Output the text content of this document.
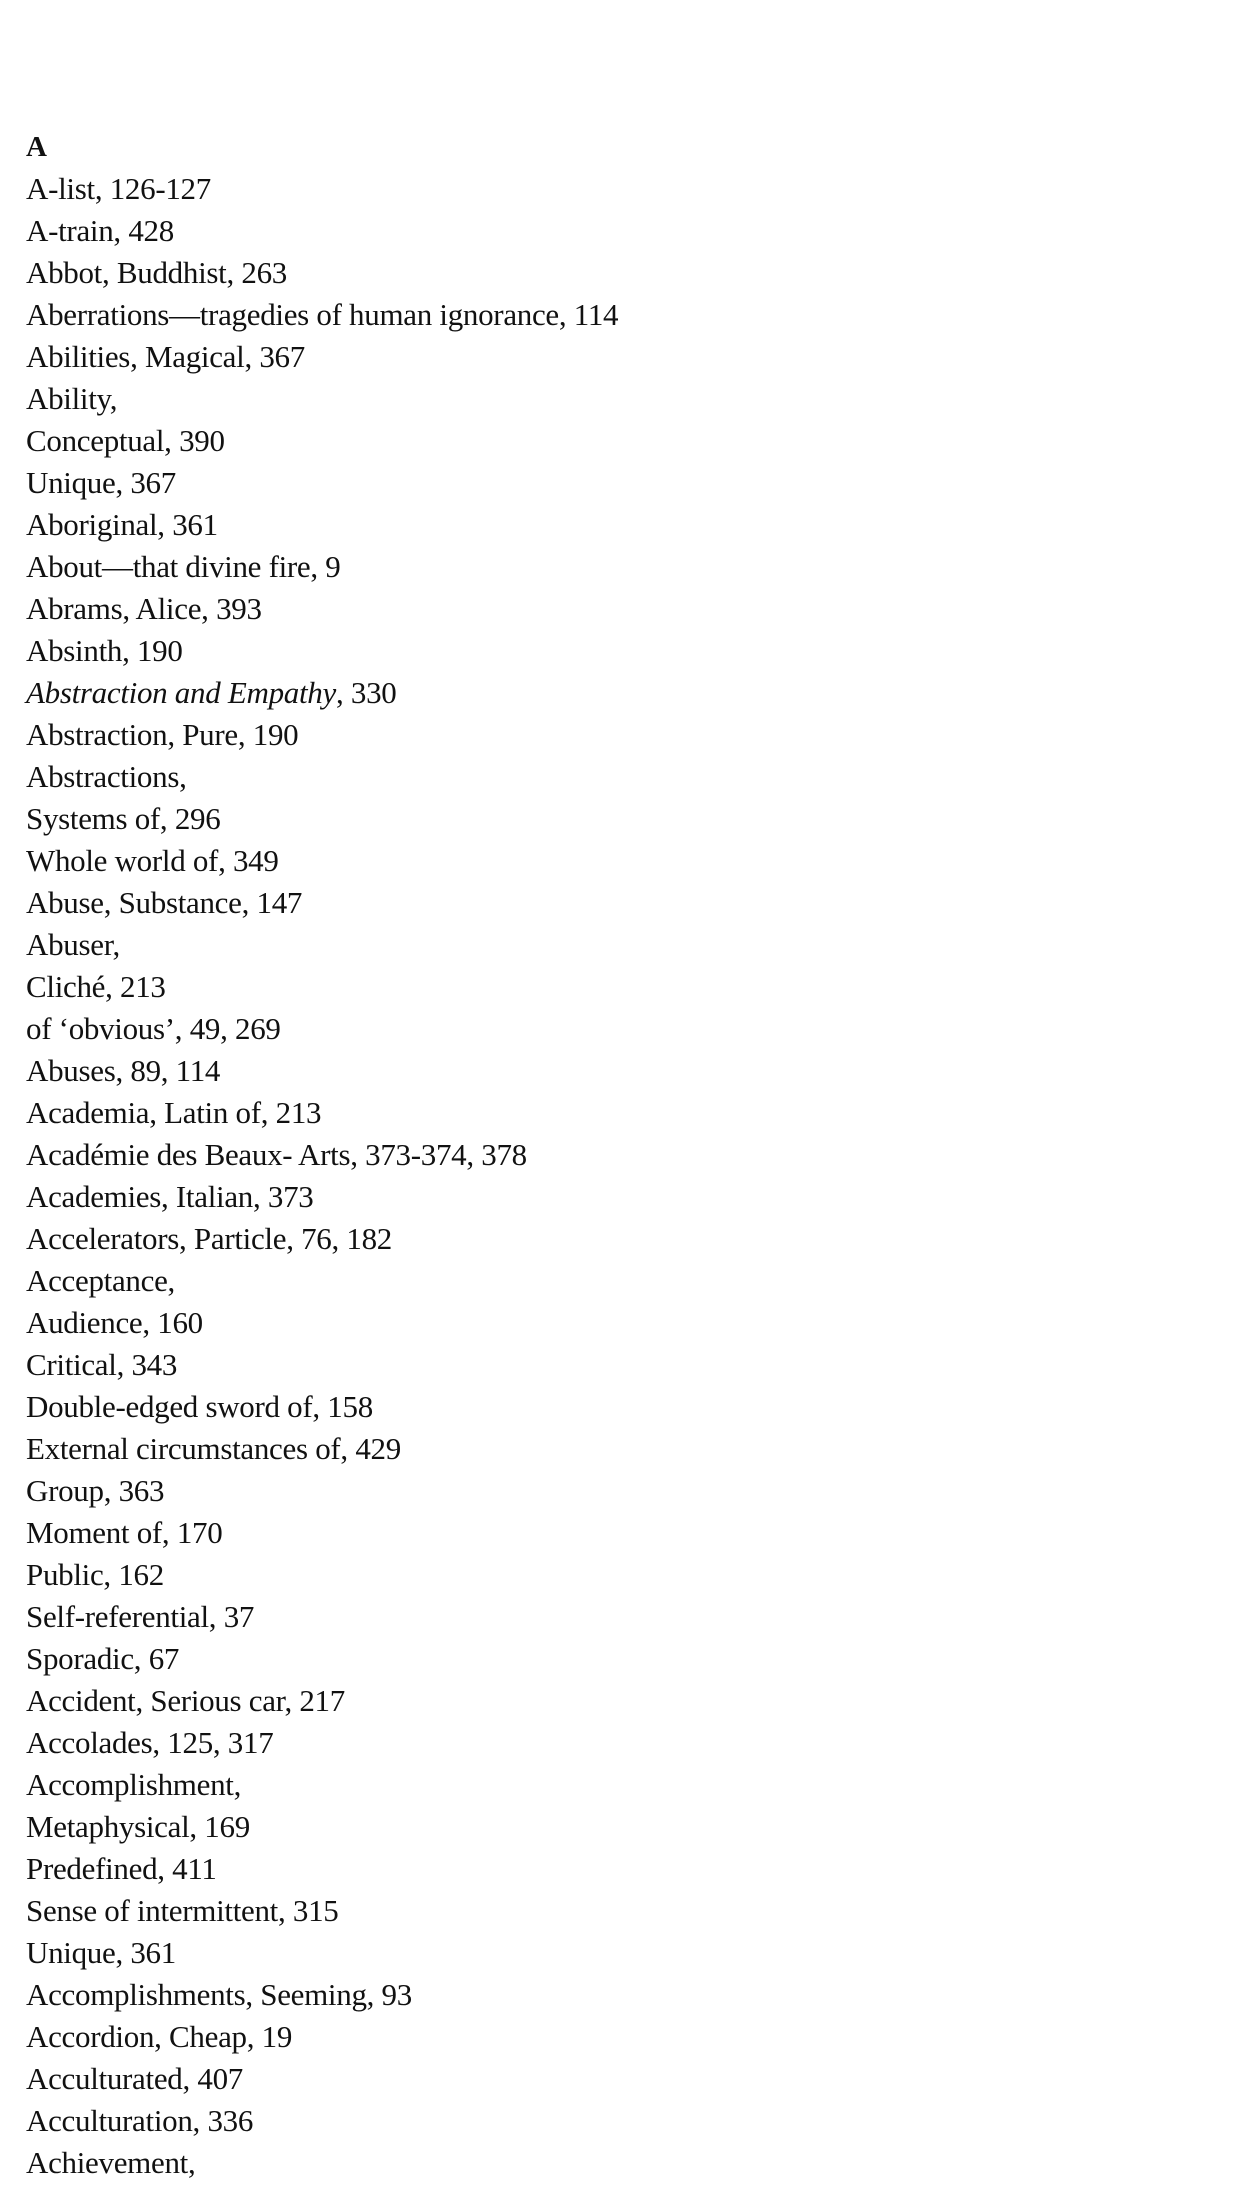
A
A-list, 126-127
A-train, 428
Abbot, Buddhist, 263
Aberrations—tragedies of human ignorance, 114
Abilities, Magical, 367
Ability,
Conceptual, 390
Unique, 367
Aboriginal, 361
About—that divine fire, 9
Abrams, Alice, 393
Absinth, 190
Abstraction and Empathy, 330
Abstraction, Pure, 190
Abstractions,
Systems of, 296
Whole world of, 349
Abuse, Substance, 147
Abuser,
Cliché, 213
of ‘obvious’, 49, 269
Abuses, 89, 114
Academia, Latin of, 213
Académie des Beaux- Arts, 373-374, 378
Academies, Italian, 373
Accelerators, Particle, 76, 182
Acceptance,
Audience, 160
Critical, 343
Double-edged sword of, 158
External circumstances of, 429
Group, 363
Moment of, 170
Public, 162
Self-referential, 37
Sporadic, 67
Accident, Serious car, 217
Accolades, 125, 317
Accomplishment,
Metaphysical, 169
Predefined, 411
Sense of intermittent, 315
Unique, 361
Accomplishments, Seeming, 93
Accordion, Cheap, 19
Acculturated, 407
Acculturation, 336
Achievement,
